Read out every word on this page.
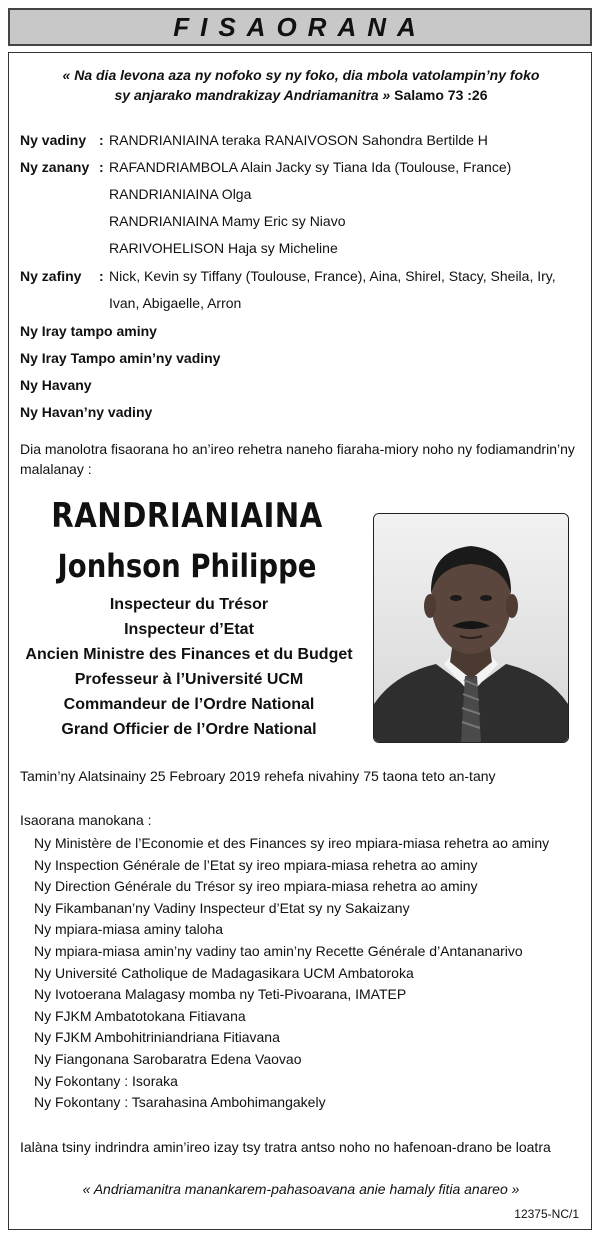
FISAORANA
« Na dia levona aza ny nofoko sy ny foko, dia mbola vatolampin’ny foko
sy anjarako mandrakizay Andriamanitra » Salamo 73 :26
Ny vadiny : RANDRIANIAINA teraka RANAIVOSON Sahondra Bertilde H
Ny zanany : RAFANDRIAMBOLA Alain Jacky sy Tiana Ida (Toulouse, France)
RANDRIANIAINA Olga
RANDRIANIAINA Mamy Eric sy Niavo
RARIVOHELISON Haja sy Micheline
Ny zafiny : Nick, Kevin sy Tiffany (Toulouse, France), Aina, Shirel, Stacy, Sheila, Iry,
Ivan, Abigaelle, Arron
Ny Iray tampo aminy
Ny Iray Tampo amin’ny vadiny
Ny Havany
Ny Havan’ny vadiny
Dia manolotra fisaorana ho an’ireo rehetra naneho fiaraha-miory noho ny fodiamandrin’ny
malalanay :
RANDRIANIAINA
Jonhson Philippe
Inspecteur du Trésor
Inspecteur d’Etat
Ancien Ministre des Finances et du Budget
Professeur à l’Université UCM
Commandeur de l’Ordre National
Grand Officier de l’Ordre National
Tamin’ny Alatsinainy 25 Febroary 2019 rehefa nivahiny 75 taona teto an-tany
Isaorana manokana :
Ny Ministère de l’Economie et des Finances sy ireo mpiara-miasa rehetra ao aminy
Ny Inspection Générale de l’Etat sy ireo mpiara-miasa rehetra ao aminy
Ny Direction Générale du Trésor sy ireo mpiara-miasa rehetra ao aminy
Ny Fikambanan’ny Vadiny Inspecteur d’Etat sy ny Sakaizany
Ny mpiara-miasa aminy taloha
Ny mpiara-miasa amin’ny vadiny tao amin’ny Recette Générale d’Antananarivo
Ny Université Catholique de Madagasikara UCM Ambatoroka
Ny Ivotoerana Malagasy momba ny Teti-Pivoarana, IMATEP
Ny FJKM Ambatotokana Fitiavana
Ny FJKM Ambohitriniandriana Fitiavana
Ny Fiangonana Sarobaratra Edena Vaovao
Ny Fokontany : Isoraka
Ny Fokontany : Tsarahasina Ambohimangakely
Ialàna tsiny indrindra amin’ireo izay tsy tratra antso noho no hafenoan-drano be loatra
« Andriamanitra manankarem-pahasoavana anie hamaly fitia anareo »
12375-NC/1
